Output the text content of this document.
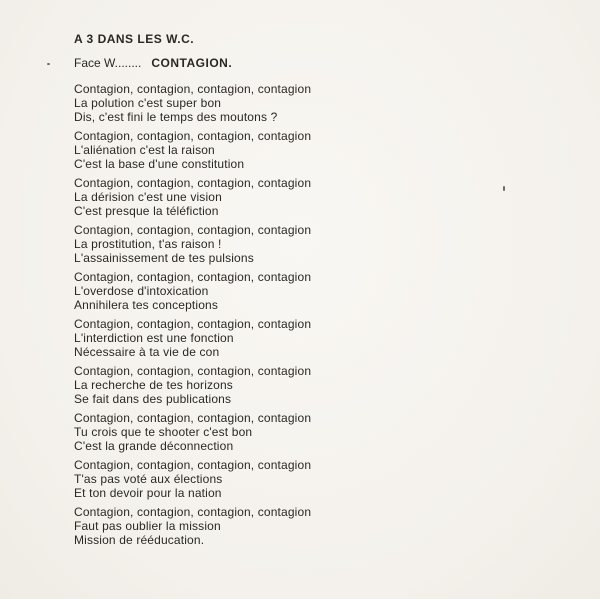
A 3 DANS LES W.C.
Face W........ CONTAGION.
Contagion, contagion, contagion, contagion
La polution c'est super bon
Dis, c'est fini le temps des moutons ?
Contagion, contagion, contagion, contagion
L'aliénation c'est la raison
C'est la base d'une constitution
Contagion, contagion, contagion, contagion
La dérision c'est une vision
C'est presque la téléfiction
Contagion, contagion, contagion, contagion
La prostitution, t'as raison !
L'assainissement de tes pulsions
Contagion, contagion, contagion, contagion
L'overdose d'intoxication
Annihilera tes conceptions
Contagion, contagion, contagion, contagion
L'interdiction est une fonction
Nécessaire à ta vie de con
Contagion, contagion, contagion, contagion
La recherche de tes horizons
Se fait dans des publications
Contagion, contagion, contagion, contagion
Tu crois que te shooter c'est bon
C'est la grande déconnection
Contagion, contagion, contagion, contagion
T'as pas voté aux élections
Et ton devoir pour la nation
Contagion, contagion, contagion, contagion
Faut pas oublier la mission
Mission de rééducation.
